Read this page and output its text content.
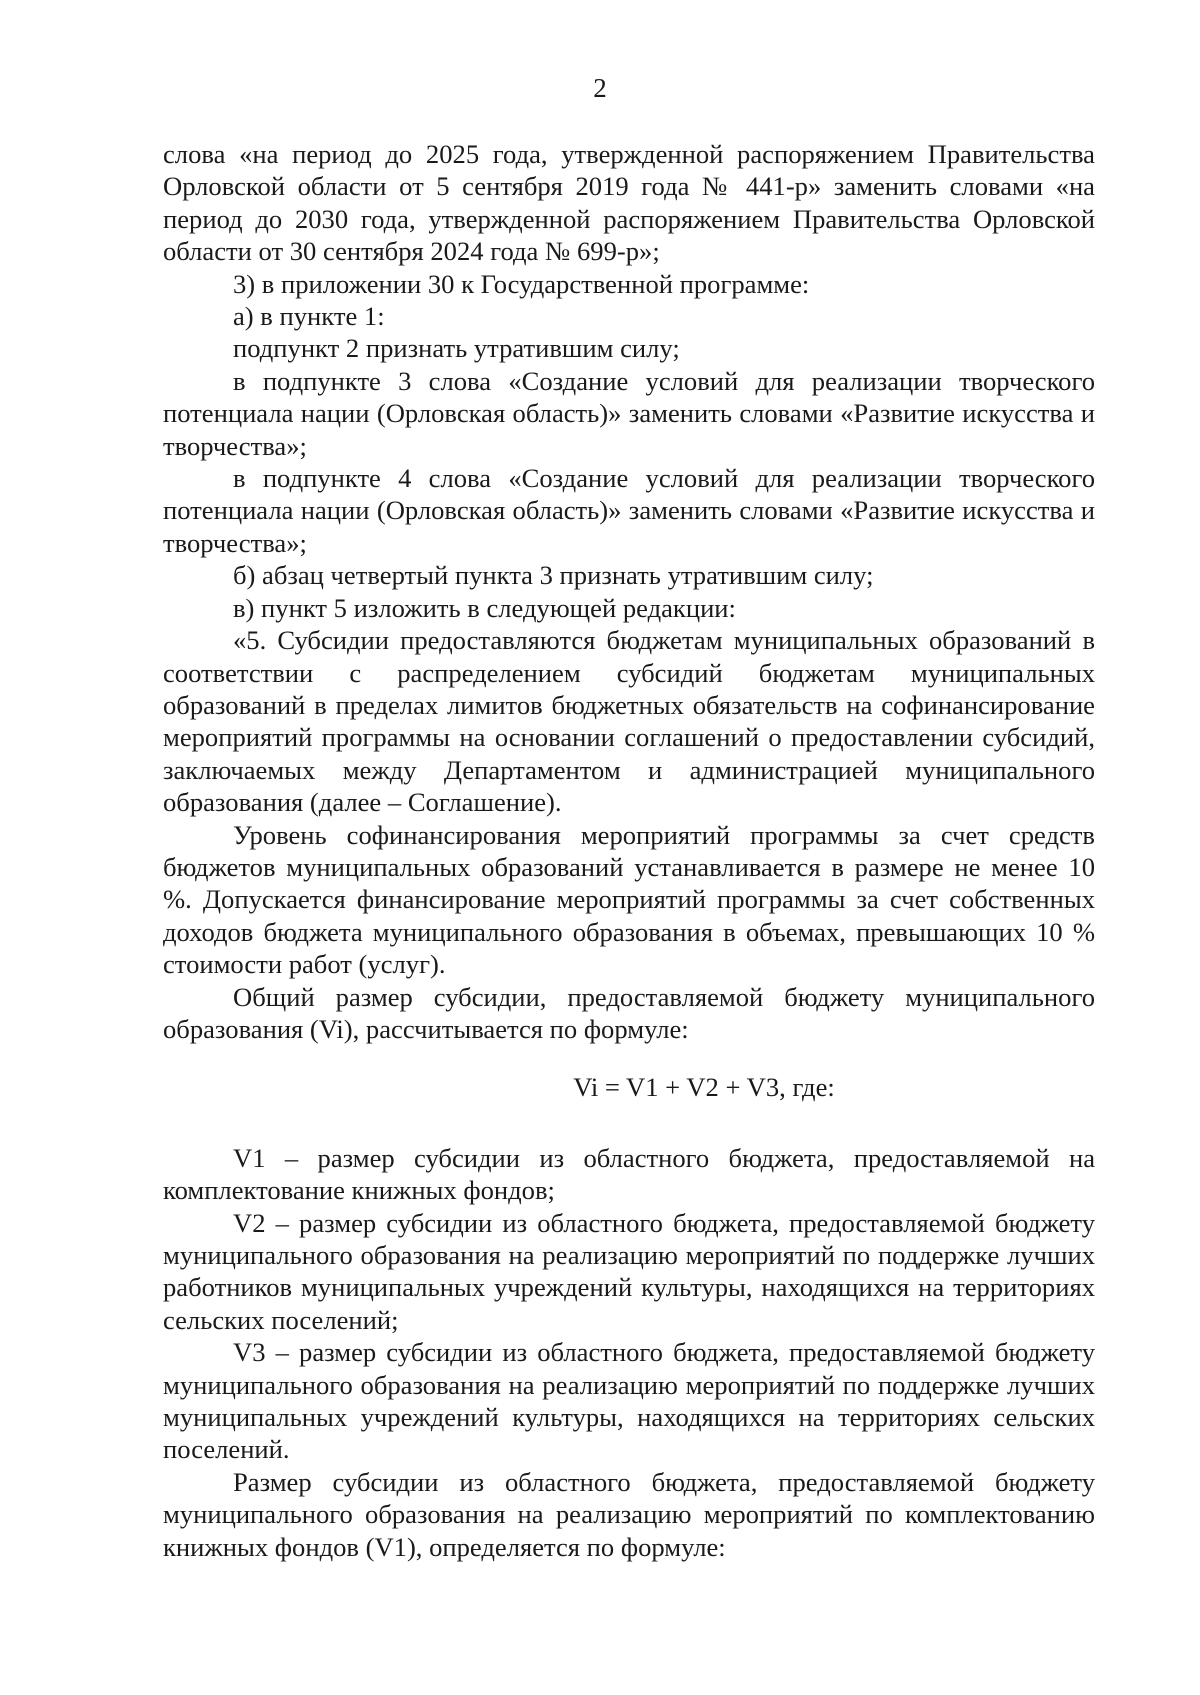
2

слова «на период до 2025 года, утвержденной распоряжением Правительства Орловской области от 5 сентября 2019 года № 441-р» заменить словами «на период до 2030 года, утвержденной распоряжением Правительства Орловской области от 30 сентября 2024 года № 699-р»;

3) в приложении 30 к Государственной программе:

а) в пункте 1:

подпункт 2 признать утратившим силу;

в подпункте 3 слова «Создание условий для реализации творческого потенциала нации (Орловская область)» заменить словами «Развитие искусства и творчества»;

в подпункте 4 слова «Создание условий для реализации творческого потенциала нации (Орловская область)» заменить словами «Развитие искусства и творчества»;

б) абзац четвертый пункта 3 признать утратившим силу;

в) пункт 5 изложить в следующей редакции:

«5. Субсидии предоставляются бюджетам муниципальных образований в соответствии с распределением субсидий бюджетам муниципальных образований в пределах лимитов бюджетных обязательств на софинансирование мероприятий программы на основании соглашений о предоставлении субсидий, заключаемых между Департаментом и администрацией муниципального образования (далее – Соглашение).

Уровень софинансирования мероприятий программы за счет средств бюджетов муниципальных образований устанавливается в размере не менее 10 %. Допускается финансирование мероприятий программы за счет собственных доходов бюджета муниципального образования в объемах, превышающих 10 % стоимости работ (услуг).

Общий размер субсидии, предоставляемой бюджету муниципального образования (Vi), рассчитывается по формуле:

Vi = V1 + V2 + V3, где:

V1 – размер субсидии из областного бюджета, предоставляемой на комплектование книжных фондов;

V2 – размер субсидии из областного бюджета, предоставляемой бюджету муниципального образования на реализацию мероприятий по поддержке лучших работников муниципальных учреждений культуры, находящихся на территориях сельских поселений;

V3 – размер субсидии из областного бюджета, предоставляемой бюджету муниципального образования на реализацию мероприятий по поддержке лучших муниципальных учреждений культуры, находящихся на территориях сельских поселений.

Размер субсидии из областного бюджета, предоставляемой бюджету муниципального образования на реализацию мероприятий по комплектованию книжных фондов (V1), определяется по формуле:
